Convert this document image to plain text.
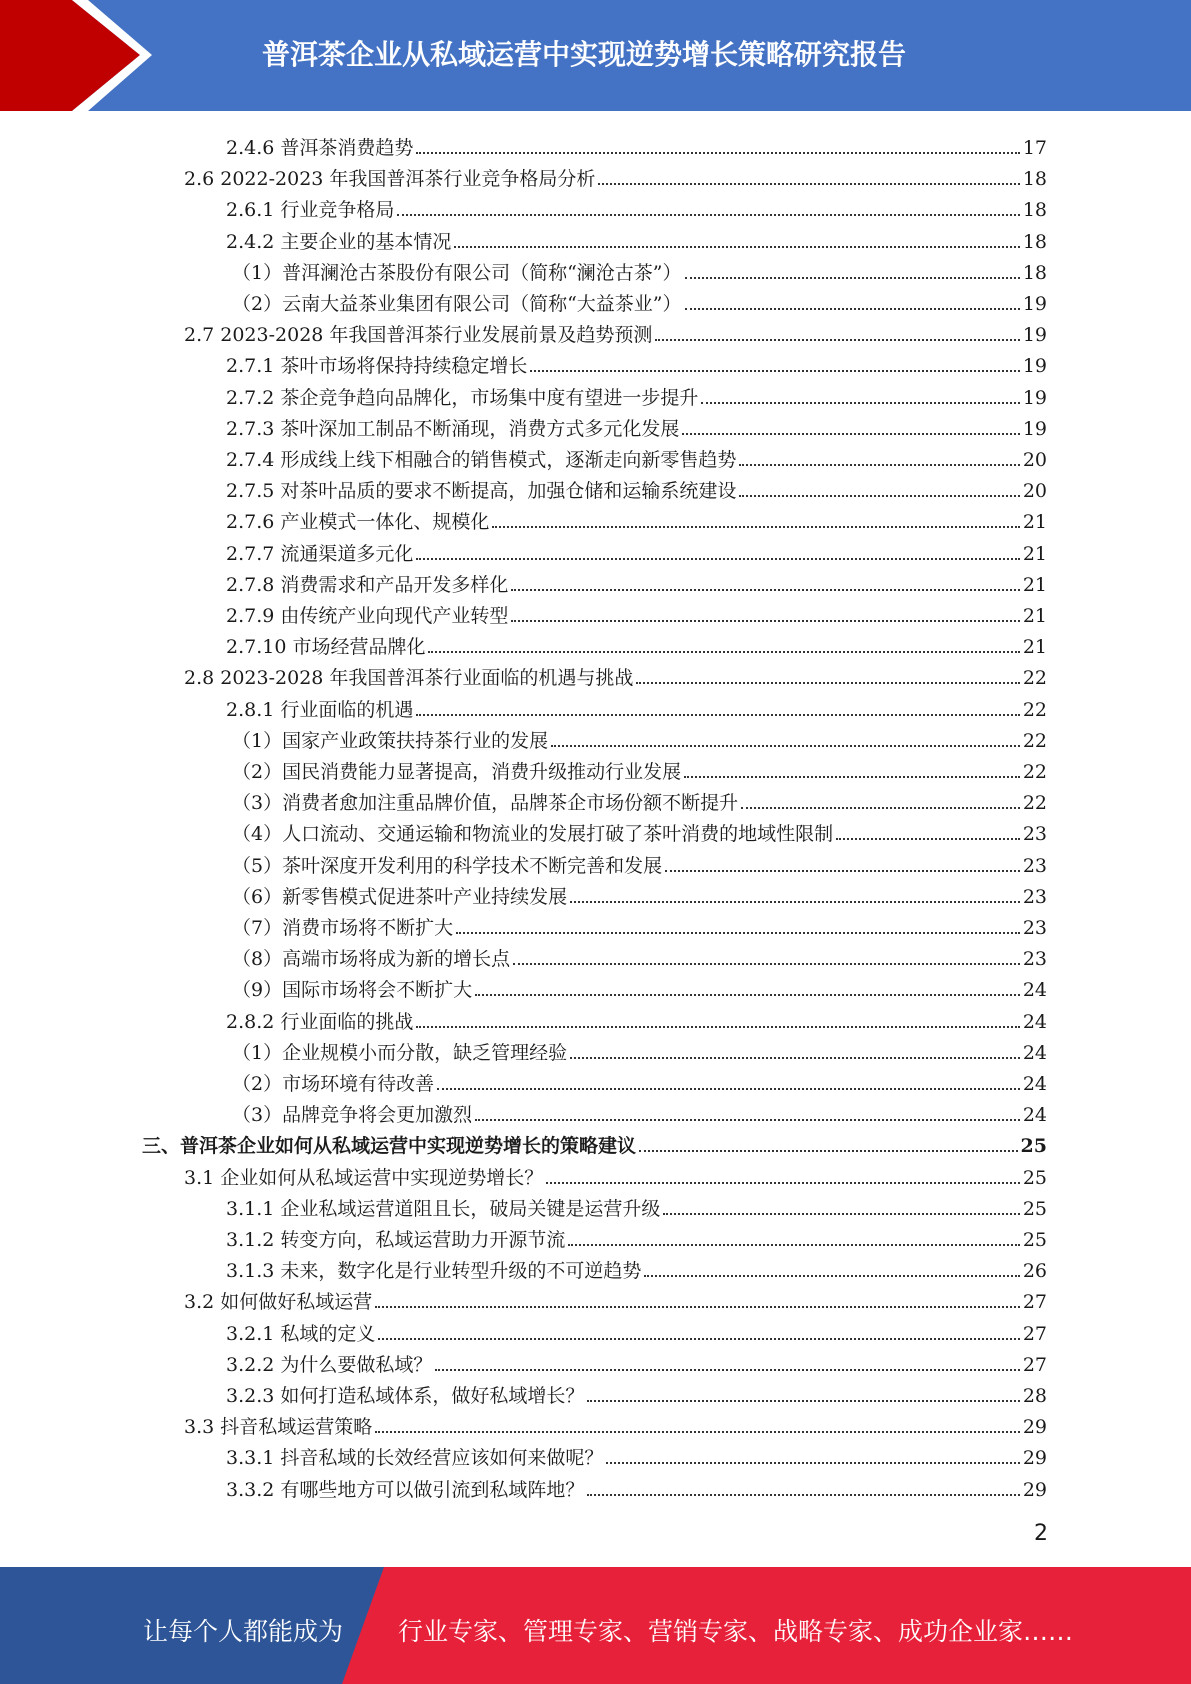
普洱茶企业从私域运营中实现逆势增长策略研究报告
2.4.6 普洱茶消费趋势	17
2.6 2022-2023 年我国普洱茶行业竞争格局分析	18
2.6.1 行业竞争格局	18
2.4.2 主要企业的基本情况	18
（1）普洱澜沧古茶股份有限公司（简称“澜沧古茶”）	18
（2）云南大益茶业集团有限公司（简称“大益茶业”）	19
2.7 2023-2028 年我国普洱茶行业发展前景及趋势预测	19
2.7.1 茶叶市场将保持持续稳定增长	19
2.7.2 茶企竞争趋向品牌化，市场集中度有望进一步提升	19
2.7.3 茶叶深加工制品不断涌现，消费方式多元化发展	19
2.7.4 形成线上线下相融合的销售模式，逐渐走向新零售趋势	20
2.7.5 对茶叶品质的要求不断提高，加强仓储和运输系统建设	20
2.7.6 产业模式一体化、规模化	21
2.7.7 流通渠道多元化	21
2.7.8 消费需求和产品开发多样化	21
2.7.9 由传统产业向现代产业转型	21
2.7.10 市场经营品牌化	21
2.8 2023-2028 年我国普洱茶行业面临的机遇与挑战	22
2.8.1 行业面临的机遇	22
（1）国家产业政策扶持茶行业的发展	22
（2）国民消费能力显著提高，消费升级推动行业发展	22
（3）消费者愈加注重品牌价值，品牌茶企市场份额不断提升	22
（4）人口流动、交通运输和物流业的发展打破了茶叶消费的地域性限制	23
（5）茶叶深度开发利用的科学技术不断完善和发展	23
（6）新零售模式促进茶叶产业持续发展	23
（7）消费市场将不断扩大	23
（8）高端市场将成为新的增长点	23
（9）国际市场将会不断扩大	24
2.8.2 行业面临的挑战	24
（1）企业规模小而分散，缺乏管理经验	24
（2）市场环境有待改善	24
（3）品牌竞争将会更加激烈	24
三、普洱茶企业如何从私域运营中实现逆势增长的策略建议	25
3.1 企业如何从私域运营中实现逆势增长？	25
3.1.1 企业私域运营道阻且长，破局关键是运营升级	25
3.1.2 转变方向，私域运营助力开源节流	25
3.1.3 未来，数字化是行业转型升级的不可逆趋势	26
3.2 如何做好私域运营	27
3.2.1 私域的定义	27
3.2.2 为什么要做私域？	27
3.2.3 如何打造私域体系，做好私域增长？	28
3.3 抖音私域运营策略	29
3.3.1 抖音私域的长效经营应该如何来做呢？	29
3.3.2 有哪些地方可以做引流到私域阵地？	29
2
让每个人都能成为 行业专家、管理专家、营销专家、战略专家、成功企业家……
